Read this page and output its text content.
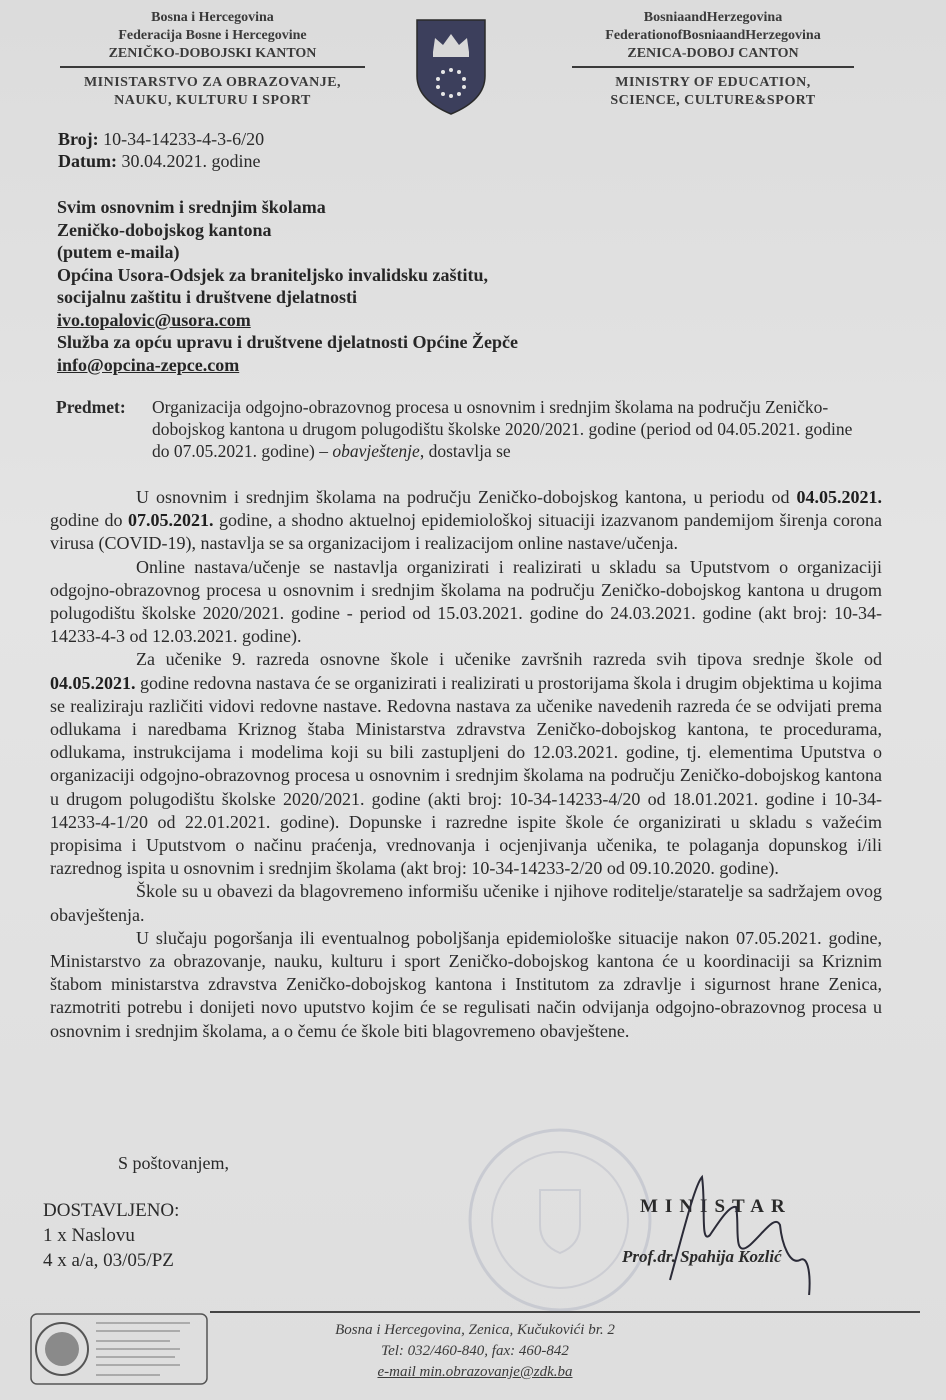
Bosna i Hercegovina
Federacija Bosne i Hercegovine
ZENIČKO-DOBOJSKI KANTON
MINISTARSTVO ZA OBRAZOVANJE,
NAUKU, KULTURU I SPORT
BosniaandHerzegovina
FederationofBosniaandHerzegovina
ZENICA-DOBOJ CANTON
MINISTRY OF EDUCATION,
SCIENCE, CULTURE&SPORT
Broj: 10-34-14233-4-3-6/20
Datum: 30.04.2021. godine
Svim osnovnim i srednjim školama
Zeničko-dobojskog kantona
(putem e-maila)
Općina Usora-Odsjek za braniteljsko invalidsku zaštitu,
socijalnu zaštitu i društvene djelatnosti
ivo.topalovic@usora.com
Služba za opću upravu i društvene djelatnosti Općine Žepče
info@opcina-zepce.com
Predmet: Organizacija odgojno-obrazovnog procesa u osnovnim i srednjim školama na području Zeničko-dobojskog kantona u drugom polugodištu školske 2020/2021. godine (period od 04.05.2021. godine do 07.05.2021. godine) – obavještenje, dostavlja se

U osnovnim i srednjim školama na području Zeničko-dobojskog kantona, u periodu od 04.05.2021. godine do 07.05.2021. godine, a shodno aktuelnoj epidemiološkoj situaciji izazvanom pandemijom širenja corona virusa (COVID-19), nastavlja se sa organizacijom i realizacijom online nastave/učenja.

Online nastava/učenje se nastavlja organizirati i realizirati u skladu sa Uputstvom o organizaciji odgojno-obrazovnog procesa u osnovnim i srednjim školama na području Zeničko-dobojskog kantona u drugom polugodištu školske 2020/2021. godine - period od 15.03.2021. godine do 24.03.2021. godine (akt broj: 10-34-14233-4-3 od 12.03.2021. godine).

Za učenike 9. razreda osnovne škole i učenike završnih razreda svih tipova srednje škole od 04.05.2021. godine redovna nastava će se organizirati i realizirati u prostorijama škola i drugim objektima u kojima se realiziraju različiti vidovi redovne nastave. Redovna nastava za učenike navedenih razreda će se odvijati prema odlukama i naredbama Kriznog štaba Ministarstva zdravstva Zeničko-dobojskog kantona, te procedurama, odlukama, instrukcijama i modelima koji su bili zastupljeni do 12.03.2021. godine, tj. elementima Uputstva o organizaciji odgojno-obrazovnog procesa u osnovnim i srednjim školama na području Zeničko-dobojskog kantona u drugom polugodištu školske 2020/2021. godine (akti broj: 10-34-14233-4/20 od 18.01.2021. godine i 10-34-14233-4-1/20 od 22.01.2021. godine). Dopunske i razredne ispite škole će organizirati u skladu s važećim propisima i Uputstvom o načinu praćenja, vrednovanja i ocjenjivanja učenika, te polaganja dopunskog i/ili razrednog ispita u osnovnim i srednjim školama (akt broj: 10-34-14233-2/20 od 09.10.2020. godine).

Škole su u obavezi da blagovremeno informišu učenike i njihove roditelje/staratelje sa sadržajem ovog obavještenja.

U slučaju pogoršanja ili eventualnog poboljšanja epidemiološke situacije nakon 07.05.2021. godine, Ministarstvo za obrazovanje, nauku, kulturu i sport Zeničko-dobojskog kantona će u koordinaciji sa Kriznim štabom ministarstva zdravstva Zeničko-dobojskog kantona i Institutom za zdravlje i sigurnost hrane Zenica, razmotriti potrebu i donijeti novo uputstvo kojim će se regulisati način odvijanja odgojno-obrazovnog procesa u osnovnim i srednjim školama, a o čemu će škole biti blagovremeno obavještene.

S poštovanjem,
DOSTAVLJENO:
1 x Naslovu
4 x a/a, 03/05/PZ
MINISTAR
Prof.dr. Spahija Kozlić
Bosna i Hercegovina, Zenica, Kučukovići br. 2
Tel: 032/460-840, fax: 460-842
e-mail min.obrazovanje@zdk.ba
